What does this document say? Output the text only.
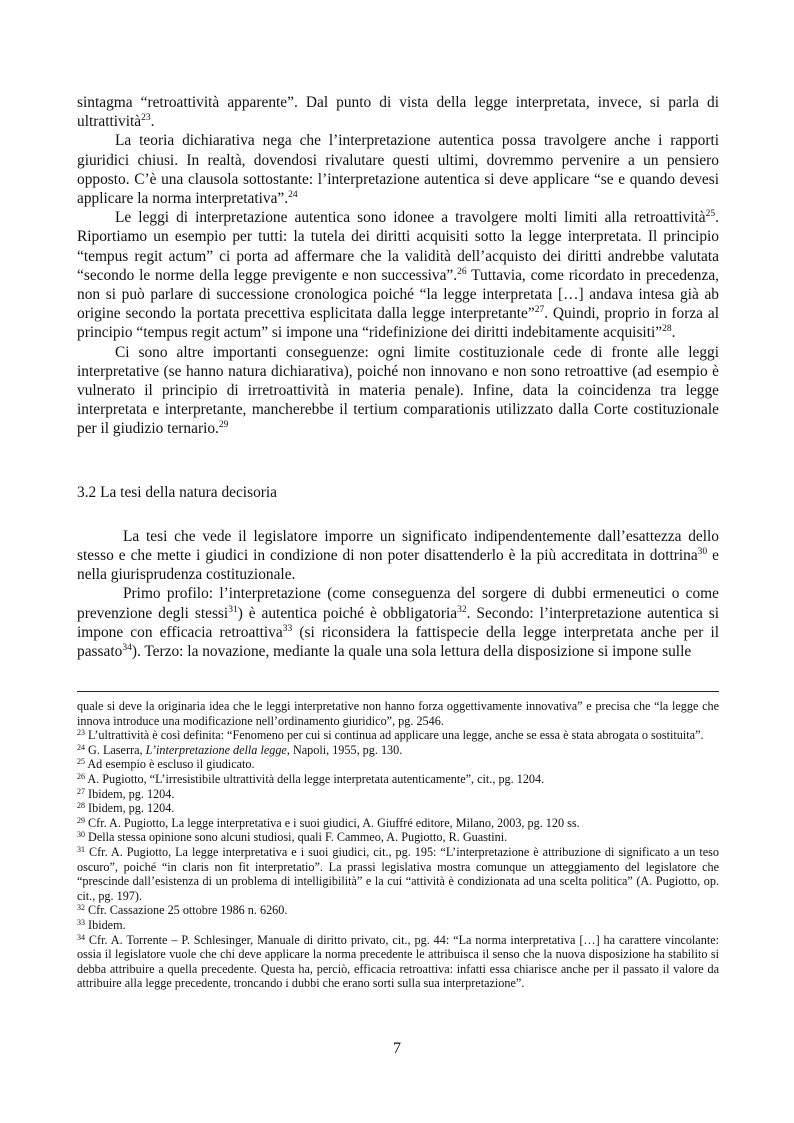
sintagma “retroattività apparente”. Dal punto di vista della legge interpretata, invece, si parla di ultrattività$^{23}$.

La teoria dichiarativa nega che l’interpretazione autentica possa travolgere anche i rapporti giuridici chiusi. In realtà, dovendosi rivalutare questi ultimi, dovremmo pervenire a un pensiero opposto. C’è una clausola sottostante: l’interpretazione autentica si deve applicare “se e quando devesi applicare la norma interpretativa”.$^{24}$

Le leggi di interpretazione autentica sono idonee a travolgere molti limiti alla retroattività$^{25}$. Riportiamo un esempio per tutti: la tutela dei diritti acquisiti sotto la legge interpretata. Il principio “tempus regit actum” ci porta ad affermare che la validità dell’acquisto dei diritti andrebbe valutata “secondo le norme della legge previgente e non successiva”.$^{26}$ Tuttavia, come ricordato in precedenza, non si può parlare di successione cronologica poiché “la legge interpretata […] andava intesa già ab origine secondo la portata precettiva esplicitata dalla legge interpretante”$^{27}$. Quindi, proprio in forza al principio “tempus regit actum” si impone una “ridefinizione dei diritti indebitamente acquisiti”$^{28}$.

Ci sono altre importanti conseguenze: ogni limite costituzionale cede di fronte alle leggi interpretative (se hanno natura dichiarativa), poiché non innovano e non sono retroattive (ad esempio è vulnerato il principio di irretroattività in materia penale). Infine, data la coincidenza tra legge interpretata e interpretante, mancherebbe il tertium comparationis utilizzato dalla Corte costituzionale per il giudizio ternario.$^{29}$

3.2 La tesi della natura decisoria

La tesi che vede il legislatore imporre un significato indipendentemente dall’esattezza dello stesso e che mette i giudici in condizione di non poter disattenderlo è la più accreditata in dottrina$^{30}$ e nella giurisprudenza costituzionale.

Primo profilo: l’interpretazione (come conseguenza del sorgere di dubbi ermeneutici o come prevenzione degli stessi$^{31}$) è autentica poiché è obbligatoria$^{32}$. Secondo: l’interpretazione autentica si impone con efficacia retroattiva$^{33}$ (si riconsidera la fattispecie della legge interpretata anche per il passato$^{34}$). Terzo: la novazione, mediante la quale una sola lettura della disposizione si impone sulle

quale si deve la originaria idea che le leggi interpretative non hanno forza oggettivamente innovativa” e precisa che “la legge che innova introduce una modificazione nell’ordinamento giuridico”, pg. 2546.

$^{23}$ L’ultrattività è così definita: “Fenomeno per cui si continua ad applicare una legge, anche se essa è stata abrogata o sostituita”.

$^{24}$ G. Laserra, L’interpretazione della legge, Napoli, 1955, pg. 130.

$^{25}$ Ad esempio è escluso il giudicato.

$^{26}$ A. Pugiotto, “L’irresistibile ultrattività della legge interpretata autenticamente”, cit., pg. 1204.

$^{27}$ Ibidem, pg. 1204.

$^{28}$ Ibidem, pg. 1204.

$^{29}$ Cfr. A. Pugiotto, La legge interpretativa e i suoi giudici, A. Giuffré editore, Milano, 2003, pg. 120 ss.

$^{30}$ Della stessa opinione sono alcuni studiosi, quali F. Cammeo, A. Pugiotto, R. Guastini.

$^{31}$ Cfr. A. Pugiotto, La legge interpretativa e i suoi giudici, cit., pg. 195: “L’interpretazione è attribuzione di significato a un teso oscuro”, poiché “in claris non fit interpretatio”. La prassi legislativa mostra comunque un atteggiamento del legislatore che “prescinde dall’esistenza di un problema di intelligibilità” e la cui “attività è condizionata ad una scelta politica” (A. Pugiotto, op. cit., pg. 197).

$^{32}$ Cfr. Cassazione 25 ottobre 1986 n. 6260.

$^{33}$ Ibidem.

$^{34}$ Cfr. A. Torrente – P. Schlesinger, Manuale di diritto privato, cit., pg. 44: “La norma interpretativa […] ha carattere vincolante: ossia il legislatore vuole che chi deve applicare la norma precedente le attribuisca il senso che la nuova disposizione ha stabilito si debba attribuire a quella precedente. Questa ha, perciò, efficacia retroattiva: infatti essa chiarisce anche per il passato il valore da attribuire alla legge precedente, troncando i dubbi che erano sorti sulla sua interpretazione”.

7
